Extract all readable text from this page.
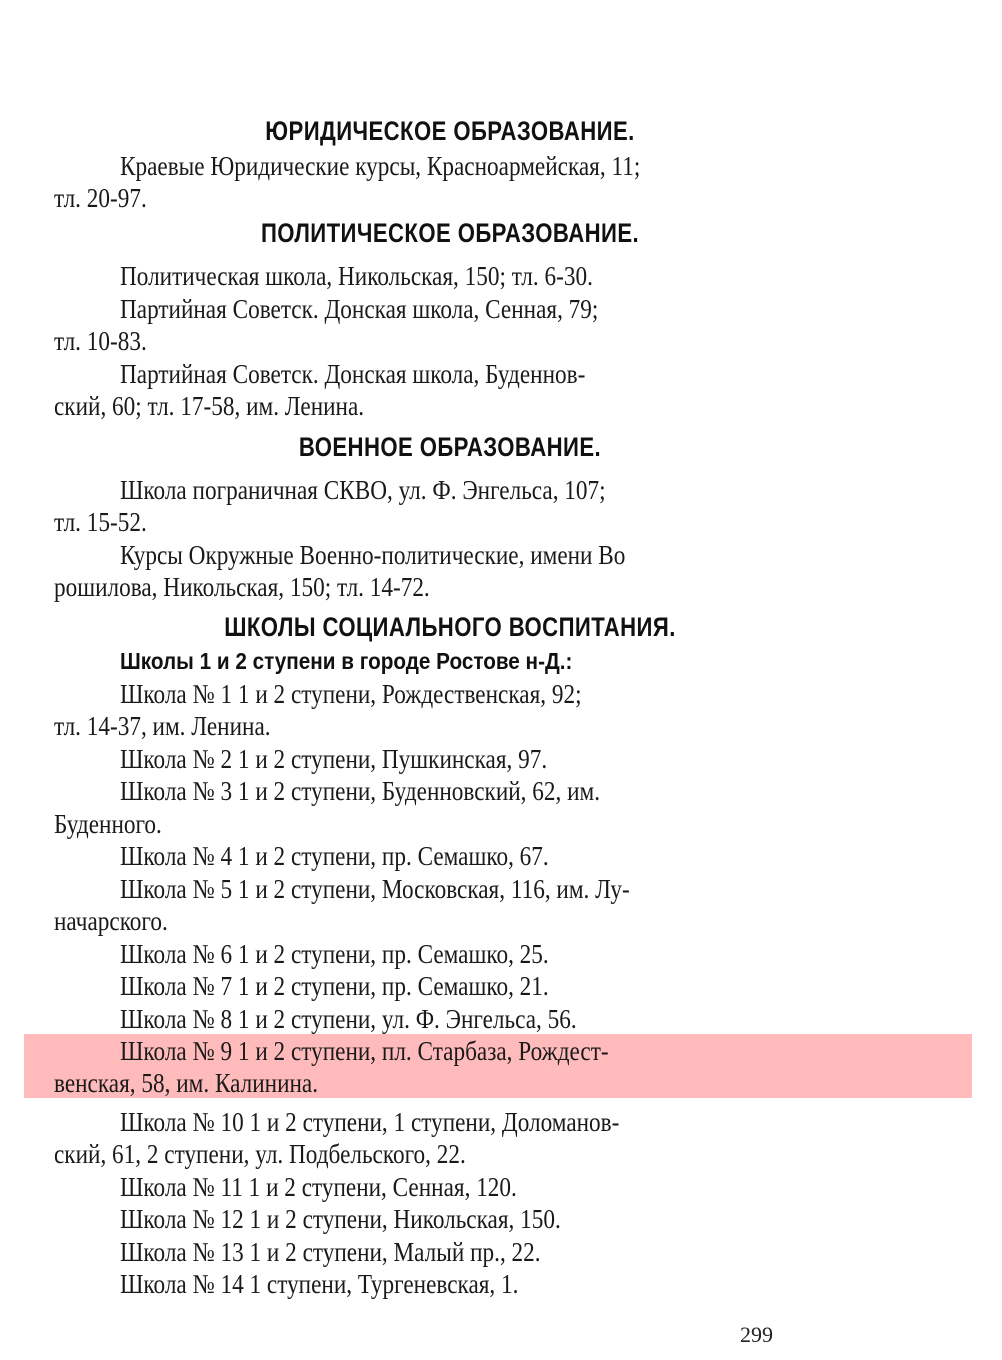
ЮРИДИЧЕСКОЕ ОБРАЗОВАНИЕ.
Краевые Юридические курсы, Красноармейская, 11;
тл. 20-97.
ПОЛИТИЧЕСКОЕ ОБРАЗОВАНИЕ.
Политическая школа, Никольская, 150; тл. 6-30.
Партийная Советск. Донская школа, Сенная, 79;
тл. 10-83.
Партийная Советск. Донская школа, Буденнов-
ский, 60; тл. 17-58, им. Ленина.
ВОЕННОЕ ОБРАЗОВАНИЕ.
Школа пограничная СКВО, ул. Ф. Энгельса, 107;
тл. 15-52.
Курсы Окружные Военно-политические, имени Во
рошилова, Никольская, 150; тл. 14-72.
ШКОЛЫ СОЦИАЛЬНОГО ВОСПИТАНИЯ.
Школы 1 и 2 ступени в городе Ростове н-Д.:
Школа № 1 1 и 2 ступени, Рождественская, 92;
тл. 14-37, им. Ленина.
Школа № 2 1 и 2 ступени, Пушкинская, 97.
Школа № 3 1 и 2 ступени, Буденновский, 62, им.
Буденного.
Школа № 4 1 и 2 ступени, пр. Семашко, 67.
Школа № 5 1 и 2 ступени, Московская, 116, им. Лу-
начарского.
Школа № 6 1 и 2 ступени, пр. Семашко, 25.
Школа № 7 1 и 2 ступени, пр. Семашко, 21.
Школа № 8 1 и 2 ступени, ул. Ф. Энгельса, 56.
Школа № 9 1 и 2 ступени, пл. Старбаза, Рождест-
венская, 58, им. Калинина.
Школа № 10 1 и 2 ступени, 1 ступени, Доломанов-
ский, 61, 2 ступени, ул. Подбельского, 22.
Школа № 11 1 и 2 ступени, Сенная, 120.
Школа № 12 1 и 2 ступени, Никольская, 150.
Школа № 13 1 и 2 ступени, Малый пр., 22.
Школа № 14 1 ступени, Тургеневская, 1.
299
